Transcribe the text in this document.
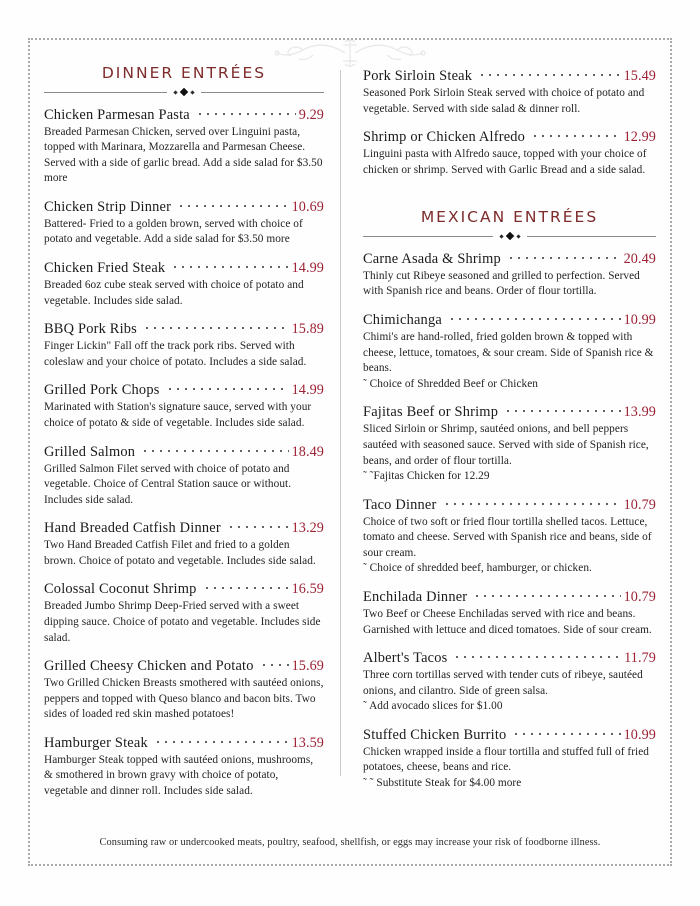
DINNER ENTRÉES
Chicken Parmesan Pasta	9.29
Breaded Parmesan Chicken, served over Linguini pasta, topped with Marinara, Mozzarella and Parmesan Cheese. Served with a side of garlic bread. Add a side salad for $3.50 more
Chicken Strip Dinner	10.69
Battered- Fried to a golden brown, served with choice of potato and vegetable. Add a side salad for $3.50 more
Chicken Fried Steak	14.99
Breaded 6oz cube steak served with choice of potato and vegetable. Includes side salad.
BBQ Pork Ribs	15.89
Finger Lickin" Fall off the track pork ribs. Served with coleslaw and your choice of potato. Includes a side salad.
Grilled Pork Chops	14.99
Marinated with Station's signature sauce, served with your choice of potato & side of vegetable. Includes side salad.
Grilled Salmon	18.49
Grilled Salmon Filet served with choice of potato and vegetable. Choice of Central Station sauce or without. Includes side salad.
Hand Breaded Catfish Dinner	13.29
Two Hand Breaded Catfish Filet and fried to a golden brown. Choice of potato and vegetable. Includes side salad.
Colossal Coconut Shrimp	16.59
Breaded Jumbo Shrimp Deep-Fried served with a sweet dipping sauce. Choice of potato and vegetable. Includes side salad.
Grilled Cheesy Chicken and Potato	15.69
Two Grilled Chicken Breasts smothered with sautéed onions, peppers and topped with Queso blanco and bacon bits. Two sides of loaded red skin mashed potatoes!
Hamburger Steak	13.59
Hamburger Steak topped with sautéed onions, mushrooms, & smothered in brown gravy with choice of potato, vegetable and dinner roll. Includes side salad.
Pork Sirloin Steak	15.49
Seasoned Pork Sirloin Steak served with choice of potato and vegetable. Served with side salad & dinner roll.
Shrimp or Chicken Alfredo	12.99
Linguini pasta with Alfredo sauce, topped with your choice of chicken or shrimp. Served with Garlic Bread and a side salad.
MEXICAN ENTRÉES
Carne Asada & Shrimp	20.49
Thinly cut Ribeye seasoned and grilled to perfection. Served with Spanish rice and beans. Order of flour tortilla.
Chimichanga	10.99
Chimi's are hand-rolled, fried golden brown & topped with cheese, lettuce, tomatoes, & sour cream. Side of Spanish rice & beans.
˜ Choice of Shredded Beef or Chicken
Fajitas Beef or Shrimp	13.99
Sliced Sirloin or Shrimp, sautéed onions, and bell peppers sautéed with seasoned sauce. Served with side of Spanish rice, beans, and order of flour tortilla.
˜ ˜Fajitas Chicken for 12.29
Taco Dinner	10.79
Choice of two soft or fried flour tortilla shelled tacos. Lettuce, tomato and cheese. Served with Spanish rice and beans, side of sour cream.
˜ Choice of shredded beef, hamburger, or chicken.
Enchilada Dinner	10.79
Two Beef or Cheese Enchiladas served with rice and beans. Garnished with lettuce and diced tomatoes. Side of sour cream.
Albert's Tacos	11.79
Three corn tortillas served with tender cuts of ribeye, sautéed onions, and cilantro. Side of green salsa.
˜ Add avocado slices for $1.00
Stuffed Chicken Burrito	10.99
Chicken wrapped inside a flour tortilla and stuffed full of fried potatoes, cheese, beans and rice.
˜ ˜ Substitute Steak for $4.00 more
Consuming raw or undercooked meats, poultry, seafood, shellfish, or eggs may increase your risk of foodborne illness.
